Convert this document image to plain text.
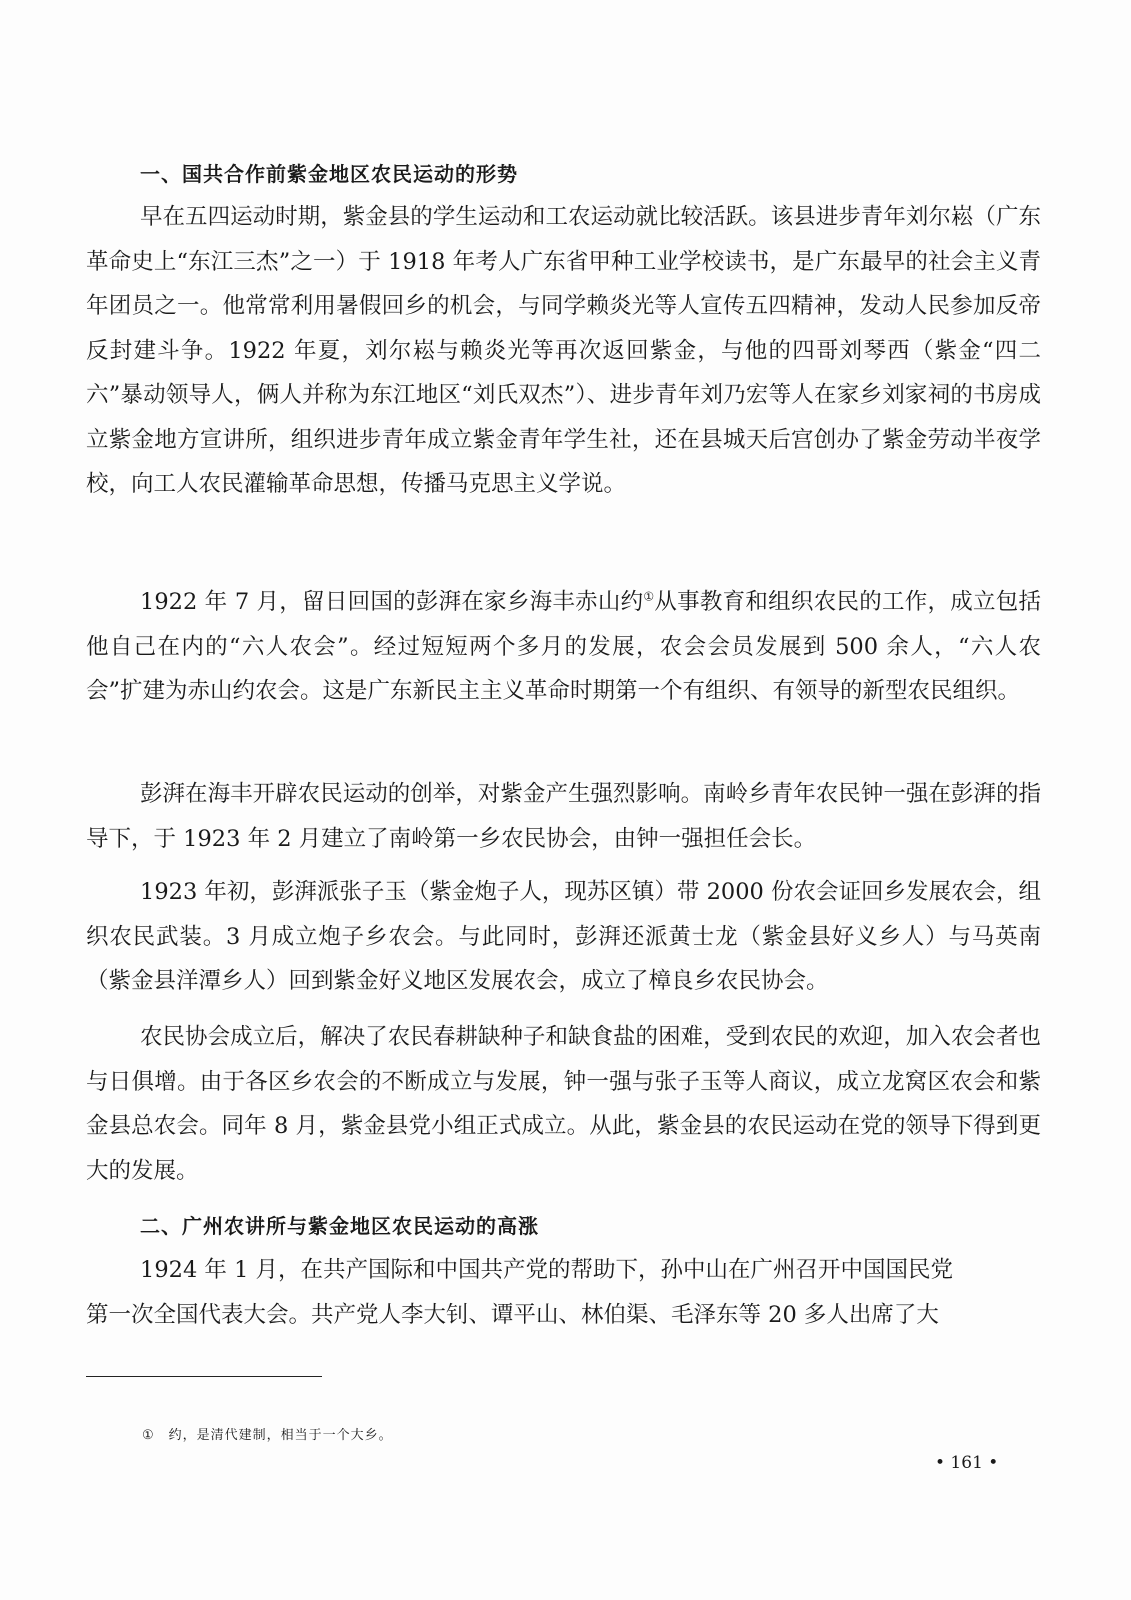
一、国共合作前紫金地区农民运动的形势

早在五四运动时期，紫金县的学生运动和工农运动就比较活跃。该县进步青年刘尔崧（广东革命史上“东江三杰”之一）于 1918 年考人广东省甲种工业学校读书，是广东最早的社会主义青年团员之一。他常常利用暑假回乡的机会，与同学赖炎光等人宣传五四精神，发动人民参加反帝反封建斗争。1922 年夏，刘尔崧与赖炎光等再次返回紫金，与他的四哥刘琴西（紫金“四二六”暴动领导人，俩人并称为东江地区“刘氏双杰”）、进步青年刘乃宏等人在家乡刘家祠的书房成立紫金地方宣讲所，组织进步青年成立紫金青年学生社，还在县城天后宫创办了紫金劳动半夜学校，向工人农民灌输革命思想，传播马克思主义学说。

1922 年 7 月，留日回国的彭湃在家乡海丰赤山约①从事教育和组织农民的工作，成立包括他自己在内的“六人农会”。经过短短两个多月的发展，农会会员发展到 500 余人，“六人农会”扩建为赤山约农会。这是广东新民主主义革命时期第一个有组织、有领导的新型农民组织。

彭湃在海丰开辟农民运动的创举，对紫金产生强烈影响。南岭乡青年农民钟一强在彭湃的指导下，于 1923 年 2 月建立了南岭第一乡农民协会，由钟一强担任会长。

1923 年初，彭湃派张子玉（紫金炮子人，现苏区镇）带 2000 份农会证回乡发展农会，组织农民武装。3 月成立炮子乡农会。与此同时，彭湃还派黄士龙（紫金县好义乡人）与马英南（紫金县洋潭乡人）回到紫金好义地区发展农会，成立了樟良乡农民协会。

农民协会成立后，解决了农民春耕缺种子和缺食盐的困难，受到农民的欢迎，加入农会者也与日俱增。由于各区乡农会的不断成立与发展，钟一强与张子玉等人商议，成立龙窝区农会和紫金县总农会。同年 8 月，紫金县党小组正式成立。从此，紫金县的农民运动在党的领导下得到更大的发展。

二、广州农讲所与紫金地区农民运动的高涨

1924 年 1 月，在共产国际和中国共产党的帮助下，孙中山在广州召开中国国民党
第一次全国代表大会。共产党人李大钊、谭平山、林伯渠、毛泽东等 20 多人出席了大

① 约，是清代建制，相当于一个大乡。

• 161 •
